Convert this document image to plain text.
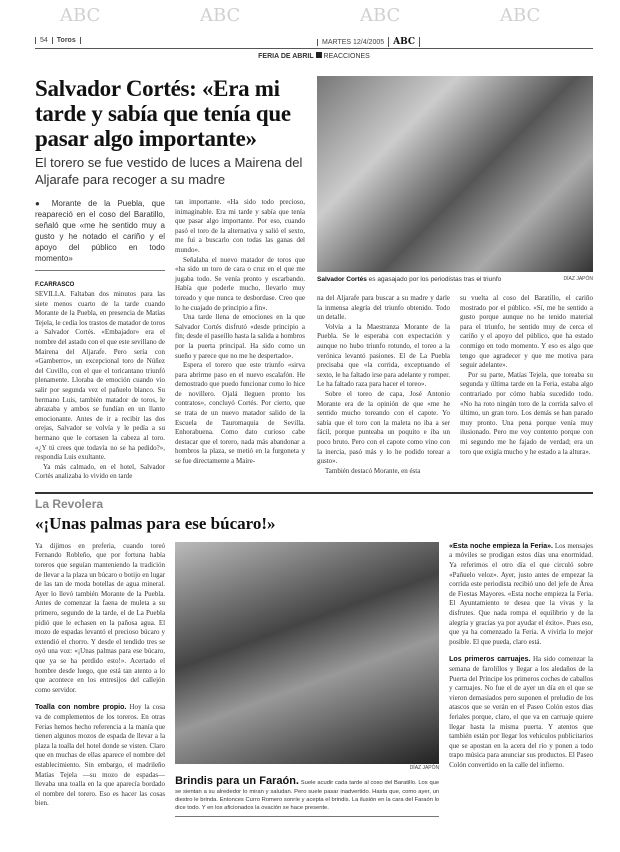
ABC	ABC	ABC	ABC
54 Toros	MARTES 12/4/2005 ABC
FERIA DE ABRIL REACCIONES
Salvador Cortés: «Era mi tarde y sabía que tenía que pasar algo importante»
El torero se fue vestido de luces a Mairena del Aljarafe para recoger a su madre
● Morante de la Puebla, que reapareció en el coso del Baratillo, señaló que «me he sentido muy a gusto y he notado el cariño y el apoyo del público en todo momento»
F.CARRASCO

SEVILLA. Faltaban dos minutos para las siete menos cuarto de la tarde cuando Morante de la Puebla, en presencia de Matías Tejela, le cedía los trastos de matador de toros a Salvador Cortés. «Embajador» era el nombre del astado con el que este sevillano de Mairena del Aljarafe. Pero sería con «Gamberro», un excepcional toro de Núñez del Cuvillo, con el que el toricantano triunfó plenamente. Lloraba de emoción cuando vio salir por segunda vez el pañuelo blanco. Su hermano Luis, también matador de toros, le abrazaba y ambos se fundían en un llanto emocionante. Antes de ir a recibir las dos orejas, Salvador se volvía y le pedía a su hermano que le cortasen la cabeza al toro. «¿Y tú crees que todavía no se ha pedido?», respondía Luis exultante.

Ya más calmado, en el hotel, Salvador Cortés analizaba lo vivido en tarde

tan importante. «Ha sido todo precioso, inimaginable. Era mi tarde y sabía que tenía que pasar algo importante. Por eso, cuando pasó el toro de la alternativa y salió el sexto, me fui a buscarlo con todas las ganas del mundo».

Señalaba el nuevo matador de toros que «ha sido un toro de cara o cruz en el que me jugaba todo. Se venía pronto y escarbando. Había que poderle mucho, llevarlo muy toreado y que nunca te desbordase. Creo que lo he cuajado de principio a fin».

Una tarde llena de emociones en la que Salvador Cortés disfrutó «desde principio a fin; desde el paseíllo hasta la salida a hombros por la puerta principal. Ha sido como un sueño y parece que no me he despertado».

Espera el torero que este triunfo «sirva para abrirme paso en el nuevo escalafón. He demostrado que puedo funcionar como lo hice de novillero. Ojalá lleguen pronto los contratos», concluyó Cortés. Por cierto, que se trata de un nuevo matador salido de la Escuela de Tauromaquia de Sevilla. Enhorabuena. Como dato curioso cabe destacar que el torero, nada más abandonar a hombros la plaza, se metió en la furgoneta y se fue directamente a Maire-

Salvador Cortés es agasajado por los periodistas tras el triunfo	DÍAZ JAPÓN

na del Aljarafe para buscar a su madre y darle la inmensa alegría del triunfo obtenido. Todo un detalle.

Volvía a la Maestranza Morante de la Puebla. Se le esperaba con expectación y aunque no hubo triunfo rotundo, el toreo a la verónica levantó pasiones. El de La Puebla precisaba que «la corrida, exceptuando el sexto, le ha faltado irse para adelante y romper. Le ha faltado raza para hacer el toreo».

Sobre el toreo de capa, José Antonio Morante era de la opinión de que «me he sentido mucho toreando con el capote. Yo sabía que el toro con la maleta no iba a ser fácil, porque punteaba un poquito e iba un poco bruto. Pero con el capote como vino con la inercia, pasó más y lo he podido torear a gusto».

También destacó Morante, en ésta

su vuelta al coso del Baratillo, el cariño mostrado por el público. «Sí, me he sentido a gusto porque aunque no he tenido material para el triunfo, he sentido muy de cerca el cariño y el apoyo del público, que ha estado conmigo en todo momento. Y eso es algo que tengo que agradecer y que me motiva para seguir adelante».

Por su parte, Matías Tejela, que toreaba su segunda y última tarde en la Feria, estaba algo contrariado por cómo había sucedido todo. «No ha roto ningún toro de la corrida salvo el último, un gran toro. Los demás se han parado muy pronto. Una pena porque venía muy ilusionado. Pero me voy contento porque con mi segundo me he fajado de verdad; era un toro que exigía mucho y he estado a la altura».

La Revolera
«¡Unas palmas para ese búcaro!»

Ya dijimos en preferia, cuando toreó Fernando Robleño, que por fortuna había toreros que seguían manteniendo la tradición de llevar a la plaza un búcaro o botijo en lugar de las tan de moda botellas de agua mineral. Ayer lo llevó también Morante de la Puebla. Antes de comenzar la faena de muleta a su primero, segundo de la tarde, el de La Puebla pidió que le echasen en la pañosa agua. El mozo de espadas levantó el precioso búcaro y extendió el chorro. Y desde el tendido tres se oyó una voz: «¡Unas palmas para ese búcaro, que ya se ha perdido esto!». Acertado el hombre desde luego, que está tan atento a lo que acontece en los entresijos del callejón como servidor.

Toalla con nombre propio. Hoy la cosa va de complementos de los toreros. En otras Ferias hemos hecho referencia a la manía que tienen algunos mozos de espada de llevar a la plaza la toalla del hotel donde se visten. Claro que en muchas de ellas aparece el nombre del establecimiento. Sin embargo, el madrileño Matías Tejela —su mozo de espadas— llevaba una toalla en la que aparecía bordado el nombre del torero. Eso es hacer las cosas bien.

DÍAZ JAPÓN
Brindis para un Faraón. Suele acudir cada tarde al coso del Baratillo. Los que se sientan a su alrededor lo miran y saludan. Pero suele pasar inadvertido. Hasta que, como ayer, un diestro le brinda. Entonces Curro Romero sonríe y acepta el brindis. La ilusión en la cara del Faraón lo dice todo. Y en los aficionados la ovación se hace presente.

«Esta noche empieza la Feria». Los mensajes a móviles se prodigan estos días una enormidad. Ya referimos el otro día el que circuló sobre «Pañuelo veloz». Ayer, justo antes de empezar la corrida este periodista recibió uno del jefe de Área de Fiestas Mayores. «Esta noche empieza la Feria. El Ayuntamiento te desea que la vivas y la disfrutes. Que nada rompa el equilibrio y de la alegría y gracias ya por ayudar el éxito». Pues eso, que ya ha comenzado la Feria. A vivirla lo mejor posible. El que pueda, claro está.

Los primeros carruajes. Ha sido comenzar la semana de farolillos y llegar a los aledaños de la Puerta del Príncipe los primeros coches de caballos y carruajes. No fue el de ayer un día en el que se vieron demasiados pero suponen el preludio de los atascos que se verán en el Paseo Colón estos días feriales porque, claro, el que va en carruaje quiere llegar hasta la misma puerta. Y atentos que también están por llegar los vehículos publicitarios que se apostan en la acera del río y ponen a todo trapo música para anunciar sus productos. El Paseo Colón convertido en la calle del infierno.
